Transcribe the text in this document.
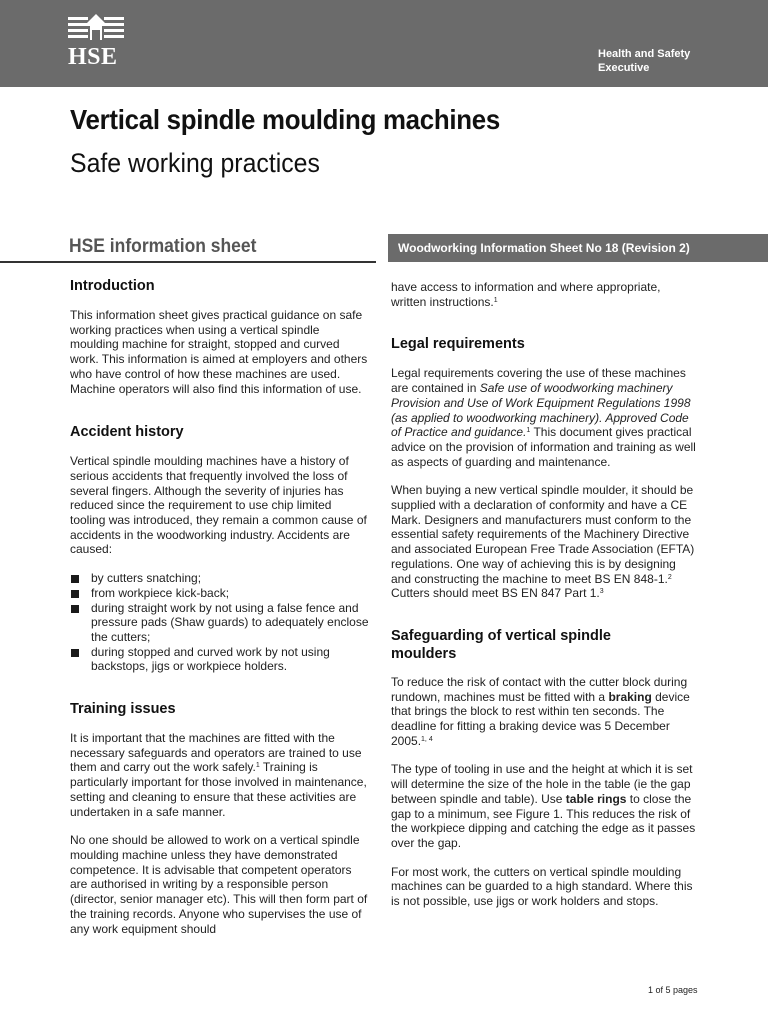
HSE	Health and Safety
Executive
Vertical spindle moulding machines
Safe working practices
HSE information sheet	Woodworking Information Sheet No 18 (Revision 2)
Introduction

This information sheet gives practical guidance on safe working practices when using a vertical spindle moulding machine for straight, stopped and curved work. This information is aimed at employers and others who have control of how these machines are used. Machine operators will also find this information of use.

Accident history

Vertical spindle moulding machines have a history of serious accidents that frequently involved the loss of several fingers. Although the severity of injuries has reduced since the requirement to use chip limited tooling was introduced, they remain a common cause of accidents in the woodworking industry. Accidents are caused:

by cutters snatching;
from workpiece kick-back;
during straight work by not using a false fence and pressure pads (Shaw guards) to adequately enclose the cutters;
during stopped and curved work by not using backstops, jigs or workpiece holders.
Training issues

It is important that the machines are fitted with the necessary safeguards and operators are trained to use them and carry out the work safely.$^1$ Training is particularly important for those involved in maintenance, setting and cleaning to ensure that these activities are undertaken in a safe manner.

No one should be allowed to work on a vertical spindle moulding machine unless they have demonstrated competence. It is advisable that competent operators are authorised in writing by a responsible person (director, senior manager etc). This will then form part of the training records. Anyone who supervises the use of any work equipment should

have access to information and where appropriate, written instructions.$^1$

Legal requirements

Legal requirements covering the use of these machines are contained in Safe use of woodworking machinery Provision and Use of Work Equipment Regulations 1998 (as applied to woodworking machinery). Approved Code of Practice and guidance.$^1$ This document gives practical advice on the provision of information and training as well as aspects of guarding and maintenance.

When buying a new vertical spindle moulder, it should be supplied with a declaration of conformity and have a CE Mark. Designers and manufacturers must conform to the essential safety requirements of the Machinery Directive and associated European Free Trade Association (EFTA) regulations. One way of achieving this is by designing and constructing the machine to meet BS EN 848-1.$^2$ Cutters should meet BS EN 847 Part 1.$^3$

Safeguarding of vertical spindle moulders

To reduce the risk of contact with the cutter block during rundown, machines must be fitted with a braking device that brings the block to rest within ten seconds. The deadline for fitting a braking device was 5 December 2005.$^{1, 4}$

The type of tooling in use and the height at which it is set will determine the size of the hole in the table (ie the gap between spindle and table). Use table rings to close the gap to a minimum, see Figure 1. This reduces the risk of the workpiece dipping and catching the edge as it passes over the gap.

For most work, the cutters on vertical spindle moulding machines can be guarded to a high standard. Where this is not possible, use jigs or work holders and stops.

1 of 5 pages
